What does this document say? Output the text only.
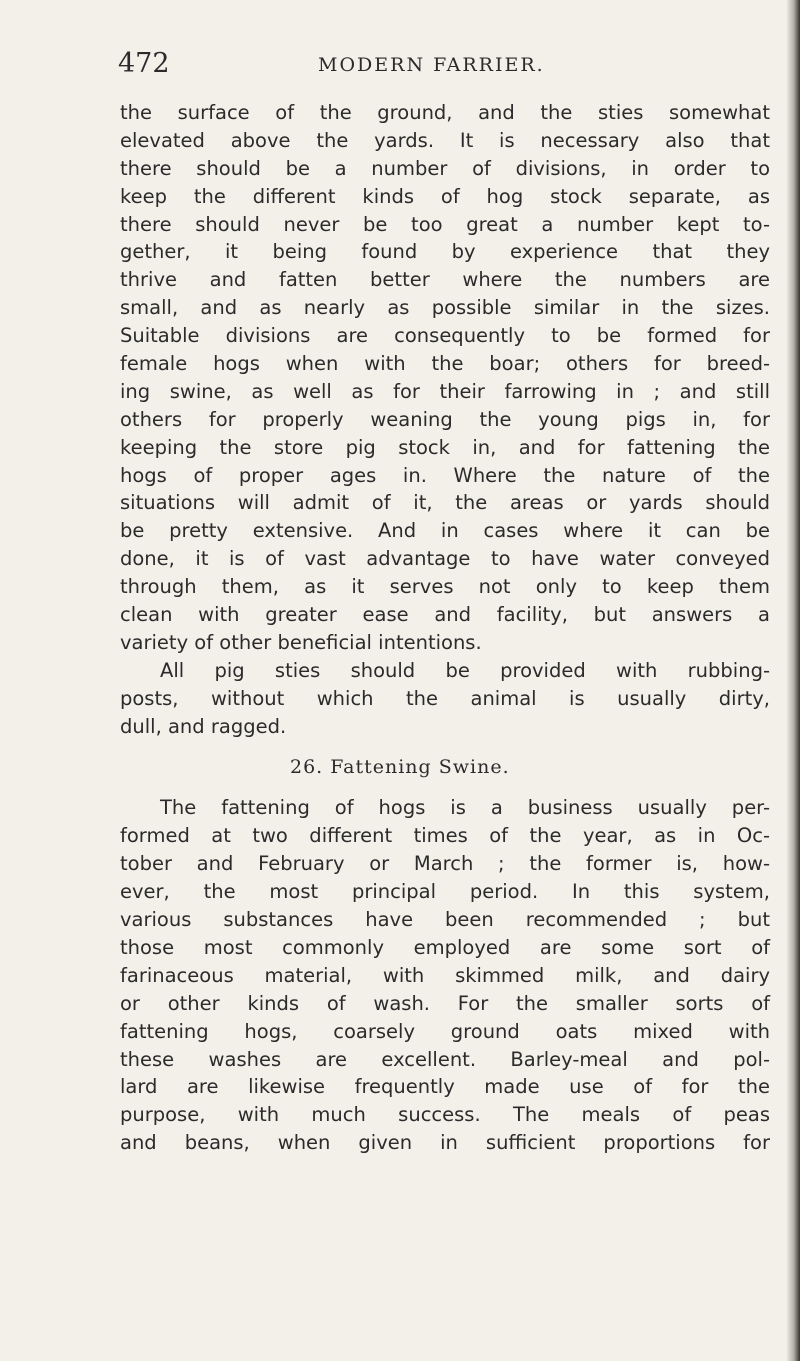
472	MODERN FARRIER.
the surface of the ground, and the sties somewhat
elevated above the yards. It is necessary also that
there should be a number of divisions, in order to
keep the different kinds of hog stock separate, as
there should never be too great a number kept to-
gether, it being found by experience that they
thrive and fatten better where the numbers are
small, and as nearly as possible similar in the sizes.
Suitable divisions are consequently to be formed for
female hogs when with the boar; others for breed-
ing swine, as well as for their farrowing in ; and still
others for properly weaning the young pigs in, for
keeping the store pig stock in, and for fattening the
hogs of proper ages in. Where the nature of the
situations will admit of it, the areas or yards should
be pretty extensive. And in cases where it can be
done, it is of vast advantage to have water conveyed
through them, as it serves not only to keep them
clean with greater ease and facility, but answers a
variety of other beneficial intentions.
All pig sties should be provided with rubbing-
posts, without which the animal is usually dirty,
dull, and ragged.
26. Fattening Swine.
The fattening of hogs is a business usually per-
formed at two different times of the year, as in Oc-
tober and February or March ; the former is, how-
ever, the most principal period. In this system,
various substances have been recommended ; but
those most commonly employed are some sort of
farinaceous material, with skimmed milk, and dairy
or other kinds of wash. For the smaller sorts of
fattening hogs, coarsely ground oats mixed with
these washes are excellent. Barley-meal and pol-
lard are likewise frequently made use of for the
purpose, with much success. The meals of peas
and beans, when given in sufficient proportions for
